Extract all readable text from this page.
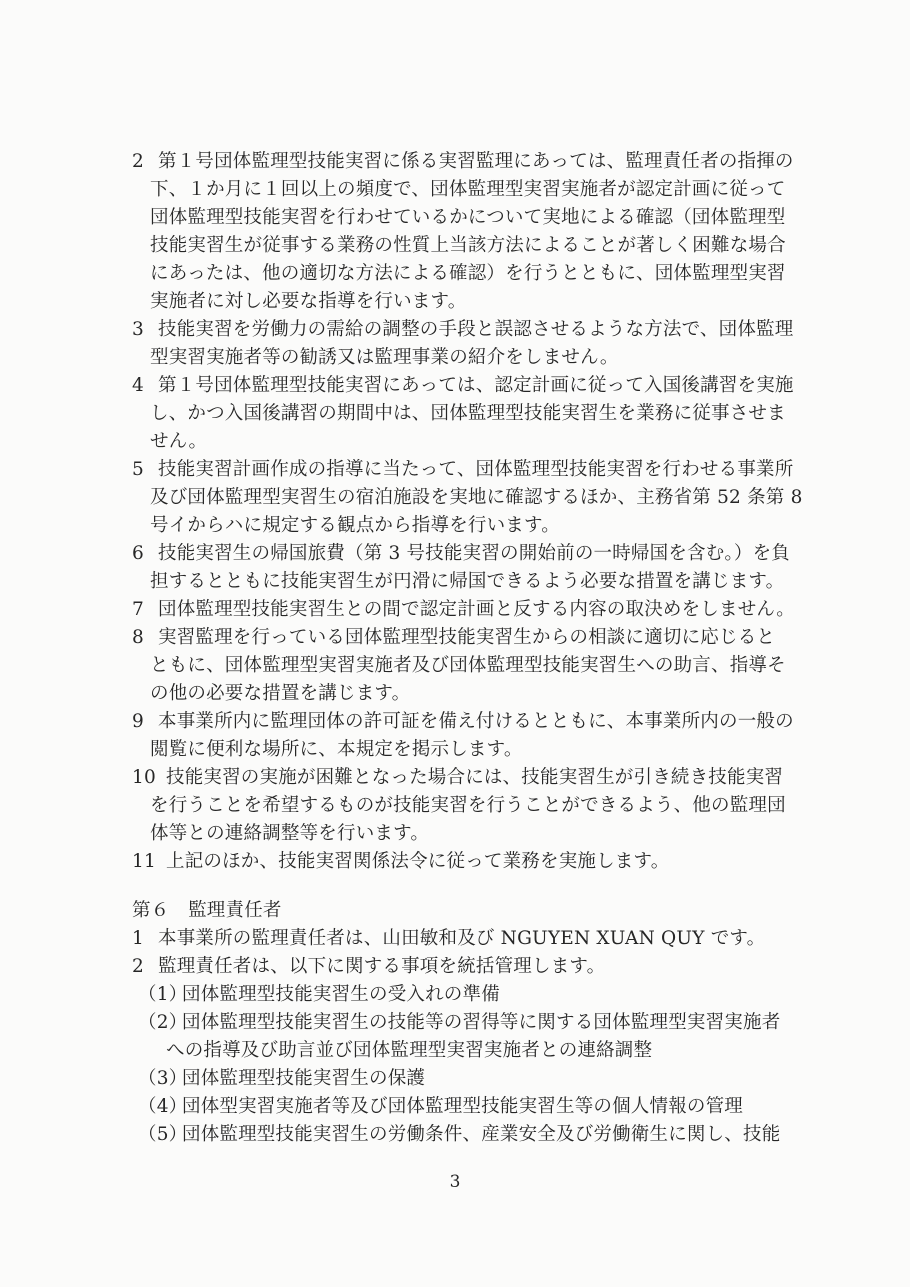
2 第１号団体監理型技能実習に係る実習監理にあっては、監理責任者の指揮の
下、１か月に１回以上の頻度で、団体監理型実習実施者が認定計画に従って
団体監理型技能実習を行わせているかについて実地による確認（団体監理型
技能実習生が従事する業務の性質上当該方法によることが著しく困難な場合
にあったは、他の適切な方法による確認）を行うとともに、団体監理型実習
実施者に対し必要な指導を行います。
3 技能実習を労働力の需給の調整の手段と誤認させるような方法で、団体監理
型実習実施者等の勧誘又は監理事業の紹介をしません。
4 第１号団体監理型技能実習にあっては、認定計画に従って入国後講習を実施
し、かつ入国後講習の期間中は、団体監理型技能実習生を業務に従事させま
せん。
5 技能実習計画作成の指導に当たって、団体監理型技能実習を行わせる事業所
及び団体監理型実習生の宿泊施設を実地に確認するほか、主務省第 52 条第 8
号イからハに規定する観点から指導を行います。
6 技能実習生の帰国旅費（第 3 号技能実習の開始前の一時帰国を含む。）を負
担するとともに技能実習生が円滑に帰国できるよう必要な措置を講じます。
7 団体監理型技能実習生との間で認定計画と反する内容の取決めをしません。
8 実習監理を行っている団体監理型技能実習生からの相談に適切に応じると
ともに、団体監理型実習実施者及び団体監理型技能実習生への助言、指導そ
の他の必要な措置を講じます。
9 本事業所内に監理団体の許可証を備え付けるとともに、本事業所内の一般の
閲覧に便利な場所に、本規定を掲示します。
10 技能実習の実施が困難となった場合には、技能実習生が引き続き技能実習
を行うことを希望するものが技能実習を行うことができるよう、他の監理団
体等との連絡調整等を行います。
11 上記のほか、技能実習関係法令に従って業務を実施します。
第６　監理責任者
1 本事業所の監理責任者は、山田敏和及び NGUYEN XUAN QUY です。
2 監理責任者は、以下に関する事項を統括管理します。
（1）団体監理型技能実習生の受入れの準備
（2）団体監理型技能実習生の技能等の習得等に関する団体監理型実習実施者
への指導及び助言並び団体監理型実習実施者との連絡調整
（3）団体監理型技能実習生の保護
（4）団体型実習実施者等及び団体監理型技能実習生等の個人情報の管理
（5）団体監理型技能実習生の労働条件、産業安全及び労働衛生に関し、技能
3
